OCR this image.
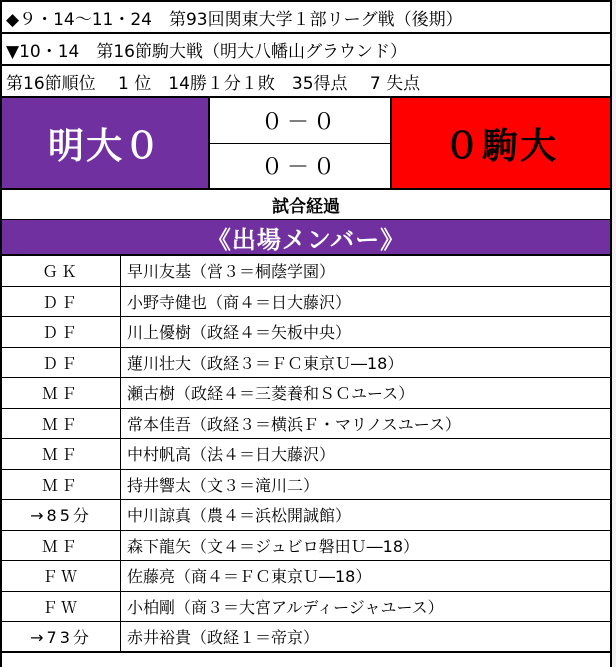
◆９・14～11・24　第93回関東大学１部リーグ戦（後期）
▼10・14　第16節駒大戦（明大八幡山グラウンド）
第16節順位　 1 位　14勝１分１敗　35得点　 7 失点
明大０
０－０
０－０
０駒大
試合経過
《出場メンバー》
ＧＫ	早川友基（営３＝桐蔭学園）
ＤＦ	小野寺健也（商４＝日大藤沢）
ＤＦ	川上優樹（政経４＝矢板中央）
ＤＦ	蓮川壮大（政経３＝ＦＣ東京Ｕ―18）
ＭＦ	瀬古樹（政経４＝三菱養和ＳＣユース）
ＭＦ	常本佳吾（政経３＝横浜Ｆ・マリノスユース）
ＭＦ	中村帆高（法４＝日大藤沢）
ＭＦ	持井響太（文３＝滝川二）
→85分	中川諒真（農４＝浜松開誠館）
ＭＦ	森下龍矢（文４＝ジュビロ磐田Ｕ―18）
ＦＷ	佐藤亮（商４＝ＦＣ東京Ｕ―18）
ＦＷ	小柏剛（商３＝大宮アルディージャユース）
→73分	赤井裕貴（政経１＝帝京）
